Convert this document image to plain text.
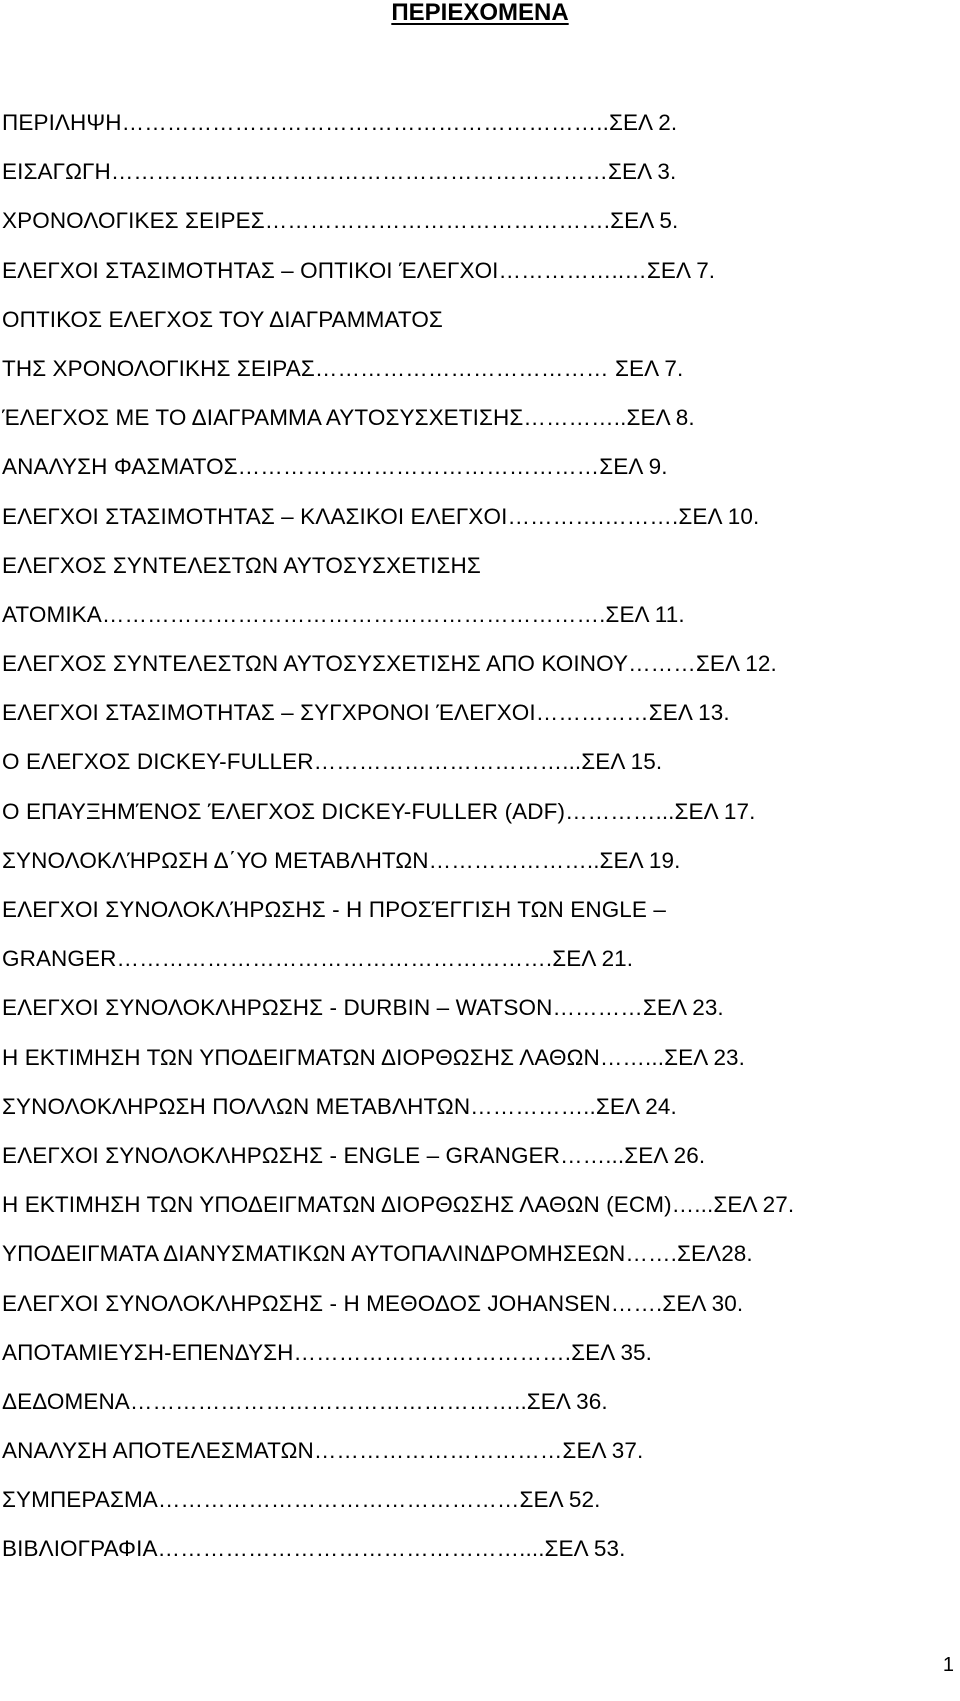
ΠΕΡΙΕΧΟΜΕΝΑ
ΠΕΡΙΛΗΨΗ………………………………………………………..ΣΕΛ 2.
ΕΙΣΑΓΩΓΗ…………………………………………………………ΣΕΛ 3.
ΧΡΟΝΟΛΟΓΙΚΕΣ ΣΕΙΡΕΣ……………………………………….ΣΕΛ 5.
ΕΛΕΓΧΟΙ ΣΤΑΣΙΜΟΤΗΤΑΣ – ΟΠΤΙΚΟΙ ΈΛΕΓΧΟΙ……………..…ΣΕΛ 7.
ΟΠΤΙΚΟΣ ΕΛΕΓΧΟΣ ΤΟΥ ΔΙΑΓΡΑΜΜΑΤΟΣ
ΤΗΣ ΧΡΟΝΟΛΟΓΙΚΗΣ ΣΕΙΡΑΣ………………………………… ΣΕΛ 7.
ΈΛΕΓΧΟΣ ΜΕ ΤΟ ΔΙΑΓΡΑΜΜΑ ΑΥΤΟΣΥΣΧΕΤΙΣΗΣ…………..ΣΕΛ 8.
ΑΝΑΛΥΣΗ ΦΑΣΜΑΤΟΣ…………………………………………ΣΕΛ 9.
ΕΛΕΓΧΟΙ ΣΤΑΣΙΜΟΤΗΤΑΣ – ΚΛΑΣΙΚΟΙ ΕΛΕΓΧΟΙ………….……….ΣΕΛ 10.
ΕΛΕΓΧΟΣ ΣΥΝΤΕΛΕΣΤΩΝ ΑΥΤΟΣΥΣΧΕΤΙΣΗΣ
ΑΤΟΜΙΚΑ………………………………………………………….ΣΕΛ 11.
ΕΛΕΓΧΟΣ ΣΥΝΤΕΛΕΣΤΩΝ ΑΥΤΟΣΥΣΧΕΤΙΣΗΣ ΑΠΟ ΚΟΙΝΟΥ………ΣΕΛ 12.
ΕΛΕΓΧΟΙ ΣΤΑΣΙΜΟΤΗΤΑΣ – ΣΥΓΧΡΟΝΟΙ ΈΛΕΓΧΟΙ……………ΣΕΛ 13.
Ο ΕΛΕΓΧΟΣ DICKEY-FULLER……………………………...ΣΕΛ 15.
Ο ΕΠΑΥΞΗΜΈΝΟΣ ΈΛΕΓΧΟΣ DICKEY-FULLER (ADF)…………...ΣΕΛ 17.
ΣΥΝΟΛΟΚΛΉΡΩΣΗ Δ΄ΥΟ ΜΕΤΑΒΛΗΤΩΝ…………………..ΣΕΛ 19.
ΕΛΕΓΧΟΙ ΣΥΝΟΛΟΚΛΉΡΩΣΗΣ - Η ΠΡΟΣΈΓΓΙΣΗ ΤΩΝ ENGLE –
GRANGER………………………………………………….ΣΕΛ 21.
ΕΛΕΓΧΟΙ ΣΥΝΟΛΟΚΛΗΡΩΣΗΣ - DURBIN – WATSON…………ΣΕΛ 23.
Η ΕΚΤΙΜΗΣΗ ΤΩΝ ΥΠΟΔΕΙΓΜΑΤΩΝ ΔΙΟΡΘΩΣΗΣ ΛΑΘΩΝ……...ΣΕΛ 23.
ΣΥΝΟΛΟΚΛΗΡΩΣΗ ΠΟΛΛΩΝ ΜΕΤΑΒΛΗΤΩΝ……………..ΣΕΛ 24.
ΕΛΕΓΧΟΙ ΣΥΝΟΛΟΚΛΗΡΩΣΗΣ - ENGLE – GRANGER……...ΣΕΛ 26.
Η ΕΚΤΙΜΗΣΗ ΤΩΝ ΥΠΟΔΕΙΓΜΑΤΩΝ ΔΙΟΡΘΩΣΗΣ ΛΑΘΩΝ (ECM)…...ΣΕΛ 27.
ΥΠΟΔΕΙΓΜΑΤΑ ΔΙΑΝΥΣΜΑΤΙΚΩΝ ΑΥΤΟΠΑΛΙΝΔΡΟΜΗΣΕΩΝ…….ΣΕΛ28.
ΕΛΕΓΧΟΙ ΣΥΝΟΛΟΚΛΗΡΩΣΗΣ - Η ΜΕΘΟΔΟΣ JOHANSEN…….ΣΕΛ 30.
ΑΠΟΤΑΜΙΕΥΣΗ-ΕΠΕΝΔΥΣΗ……………………………….ΣΕΛ 35.
ΔΕΔΟΜΕΝΑ……………………………………………..ΣΕΛ 36.
ΑΝΑΛΥΣΗ ΑΠΟΤΕΛΕΣΜΑΤΩΝ……………………………ΣΕΛ 37.
ΣΥΜΠΕΡΑΣΜΑ…………………………………………ΣΕΛ 52.
ΒΙΒΛΙΟΓΡΑΦΙΑ…………………………………………....ΣΕΛ 53.
1
